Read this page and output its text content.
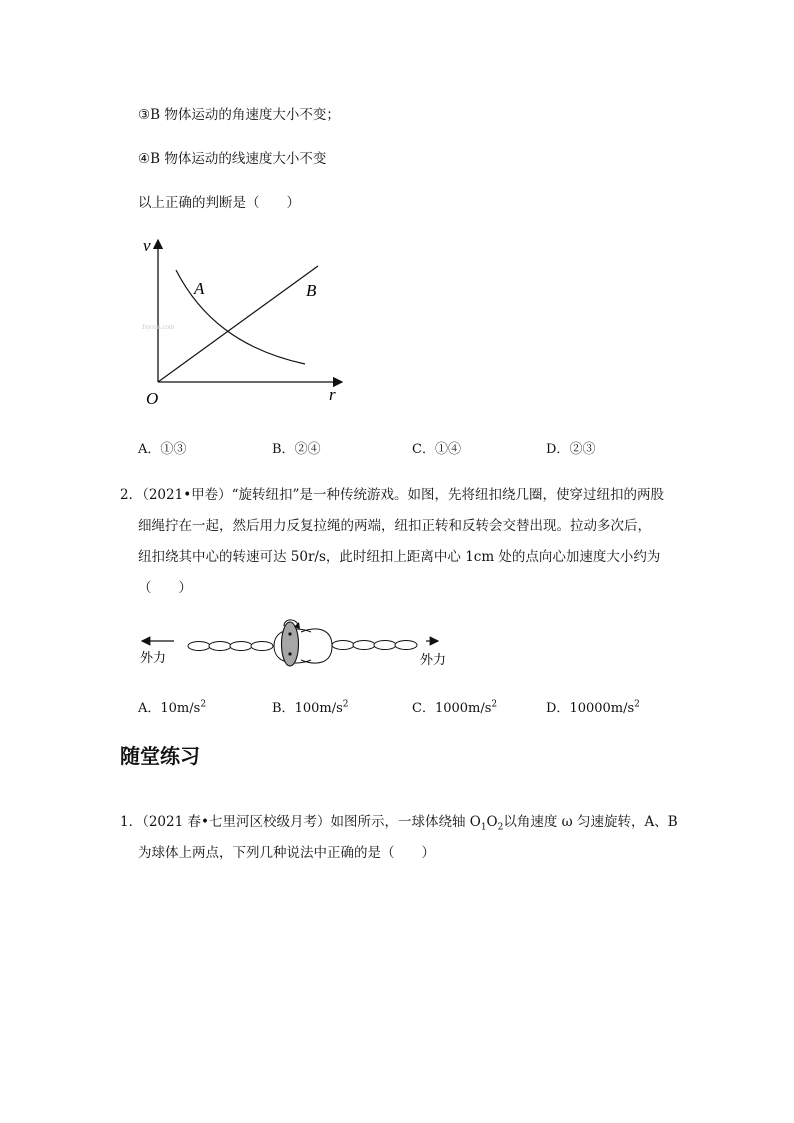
③B 物体运动的角速度大小不变；
④B 物体运动的线速度大小不变
以上正确的判断是（　　）
v
r
O
A	B
Jxyxm.com
A．①③	B．②④	C．①④	D．②③
2．（2021•甲卷）“旋转纽扣”是一种传统游戏。如图，先将纽扣绕几圈，使穿过纽扣的两股
细绳拧在一起，然后用力反复拉绳的两端，纽扣正转和反转会交替出现。拉动多次后，
纽扣绕其中心的转速可达 50r/s，此时纽扣上距离中心 1cm 处的点向心加速度大小约为
（　　）
外力	外力
A．$10m/s^2$	B．$100m/s^2$	C．$1000m/s^2$	D．$10000m/s^2$
随堂练习
1．（2021 春•七里河区校级月考）如图所示，一球体绕轴 $O_1O_2$以角速度 ω 匀速旋转，A、B
为球体上两点，下列几种说法中正确的是（　　）
